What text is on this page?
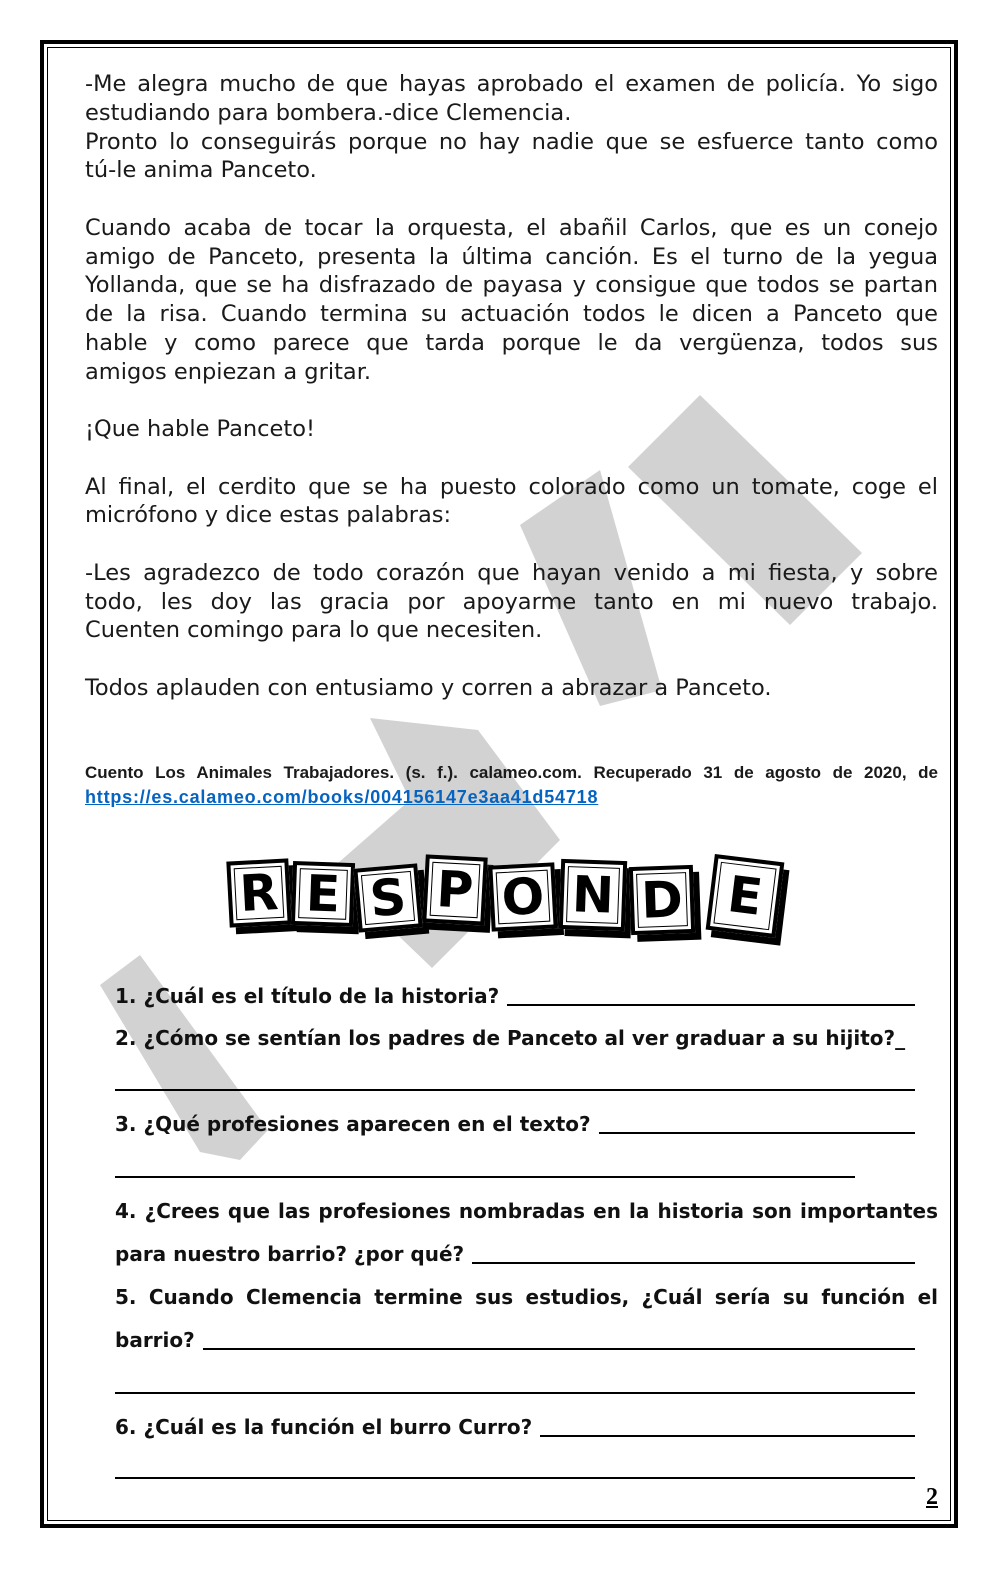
-Me alegra mucho de que hayas aprobado el examen de policía. Yo sigo
estudiando para bombera.-dice Clemencia.
Pronto lo conseguirás porque no hay nadie que se esfuerce tanto como
tú-le anima Panceto.
Cuando acaba de tocar la orquesta, el abañil Carlos, que es un conejo
amigo de Panceto, presenta la última canción. Es el turno de la yegua
Yollanda, que se ha disfrazado de payasa y consigue que todos se partan
de la risa. Cuando termina su actuación todos le dicen a Panceto que
hable y como parece que tarda porque le da vergüenza, todos sus
amigos enpiezan a gritar.
¡Que hable Panceto!
Al final, el cerdito que se ha puesto colorado como un tomate, coge el
micrófono y dice estas palabras:
-Les agradezco de todo corazón que hayan venido a mi fiesta, y sobre
todo, les doy las gracia por apoyarme tanto en mi nuevo trabajo.
Cuenten comingo para lo que necesiten.
Todos aplauden con entusiamo y corren a abrazar a Panceto.
Cuento Los Animales Trabajadores. (s. f.). calameo.com. Recuperado 31 de agosto de 2020, de
https://es.calameo.com/books/004156147e3aa41d54718
R E S P O N D E
1. ¿Cuál es el título de la historia?
2. ¿Cómo se sentían los padres de Panceto al ver graduar a su hijito?_
3. ¿Qué profesiones aparecen en el texto?
4. ¿Crees que las profesiones nombradas en la historia son importantes
para nuestro barrio? ¿por qué?
5. Cuando Clemencia termine sus estudios, ¿Cuál sería su función el
barrio?
6. ¿Cuál es la función el burro Curro?
2
